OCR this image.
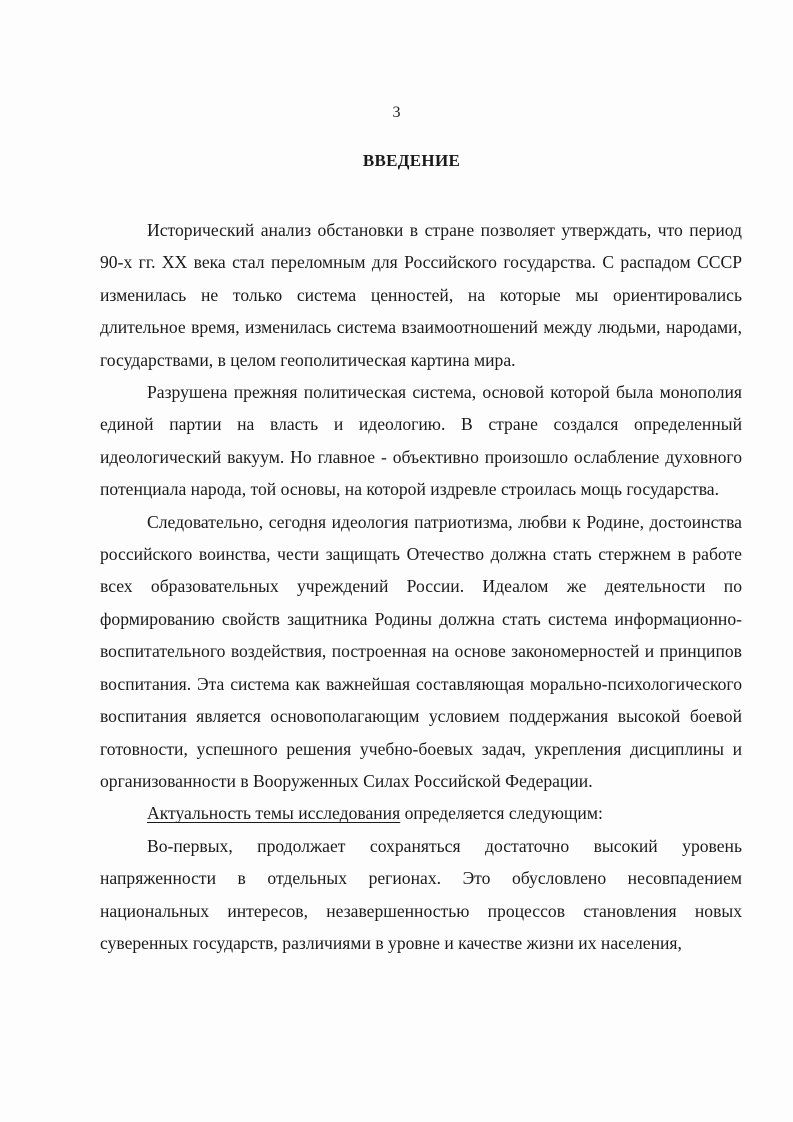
3
ВВЕДЕНИЕ

Исторический анализ обстановки в стране позволяет утверждать, что период 90-х гг. XX века стал переломным для Российского государства. С распадом СССР изменилась не только система ценностей, на которые мы ориентировались длительное время, изменилась система взаимоотношений между людьми, народами, государствами, в целом геополитическая картина мира.

Разрушена прежняя политическая система, основой которой была монополия единой партии на власть и идеологию. В стране создался определенный идеологический вакуум. Но главное - объективно произошло ослабление духовного потенциала народа, той основы, на которой издревле строилась мощь государства.

Следовательно, сегодня идеология патриотизма, любви к Родине, достоинства российского воинства, чести защищать Отечество должна стать стержнем в работе всех образовательных учреждений России. Идеалом же деятельности по формированию свойств защитника Родины должна стать система информационно-воспитательного воздействия, построенная на основе закономерностей и принципов воспитания. Эта система как важнейшая составляющая морально-психологического воспитания является основополагающим условием поддержания высокой боевой готовности, успешного решения учебно-боевых задач, укрепления дисциплины и организованности в Вооруженных Силах Российской Федерации.

Актуальность темы исследования определяется следующим:

Во-первых, продолжает сохраняться достаточно высокий уровень напряженности в отдельных регионах. Это обусловлено несовпадением национальных интересов, незавершенностью процессов становления новых суверенных государств, различиями в уровне и качестве жизни их населения,
